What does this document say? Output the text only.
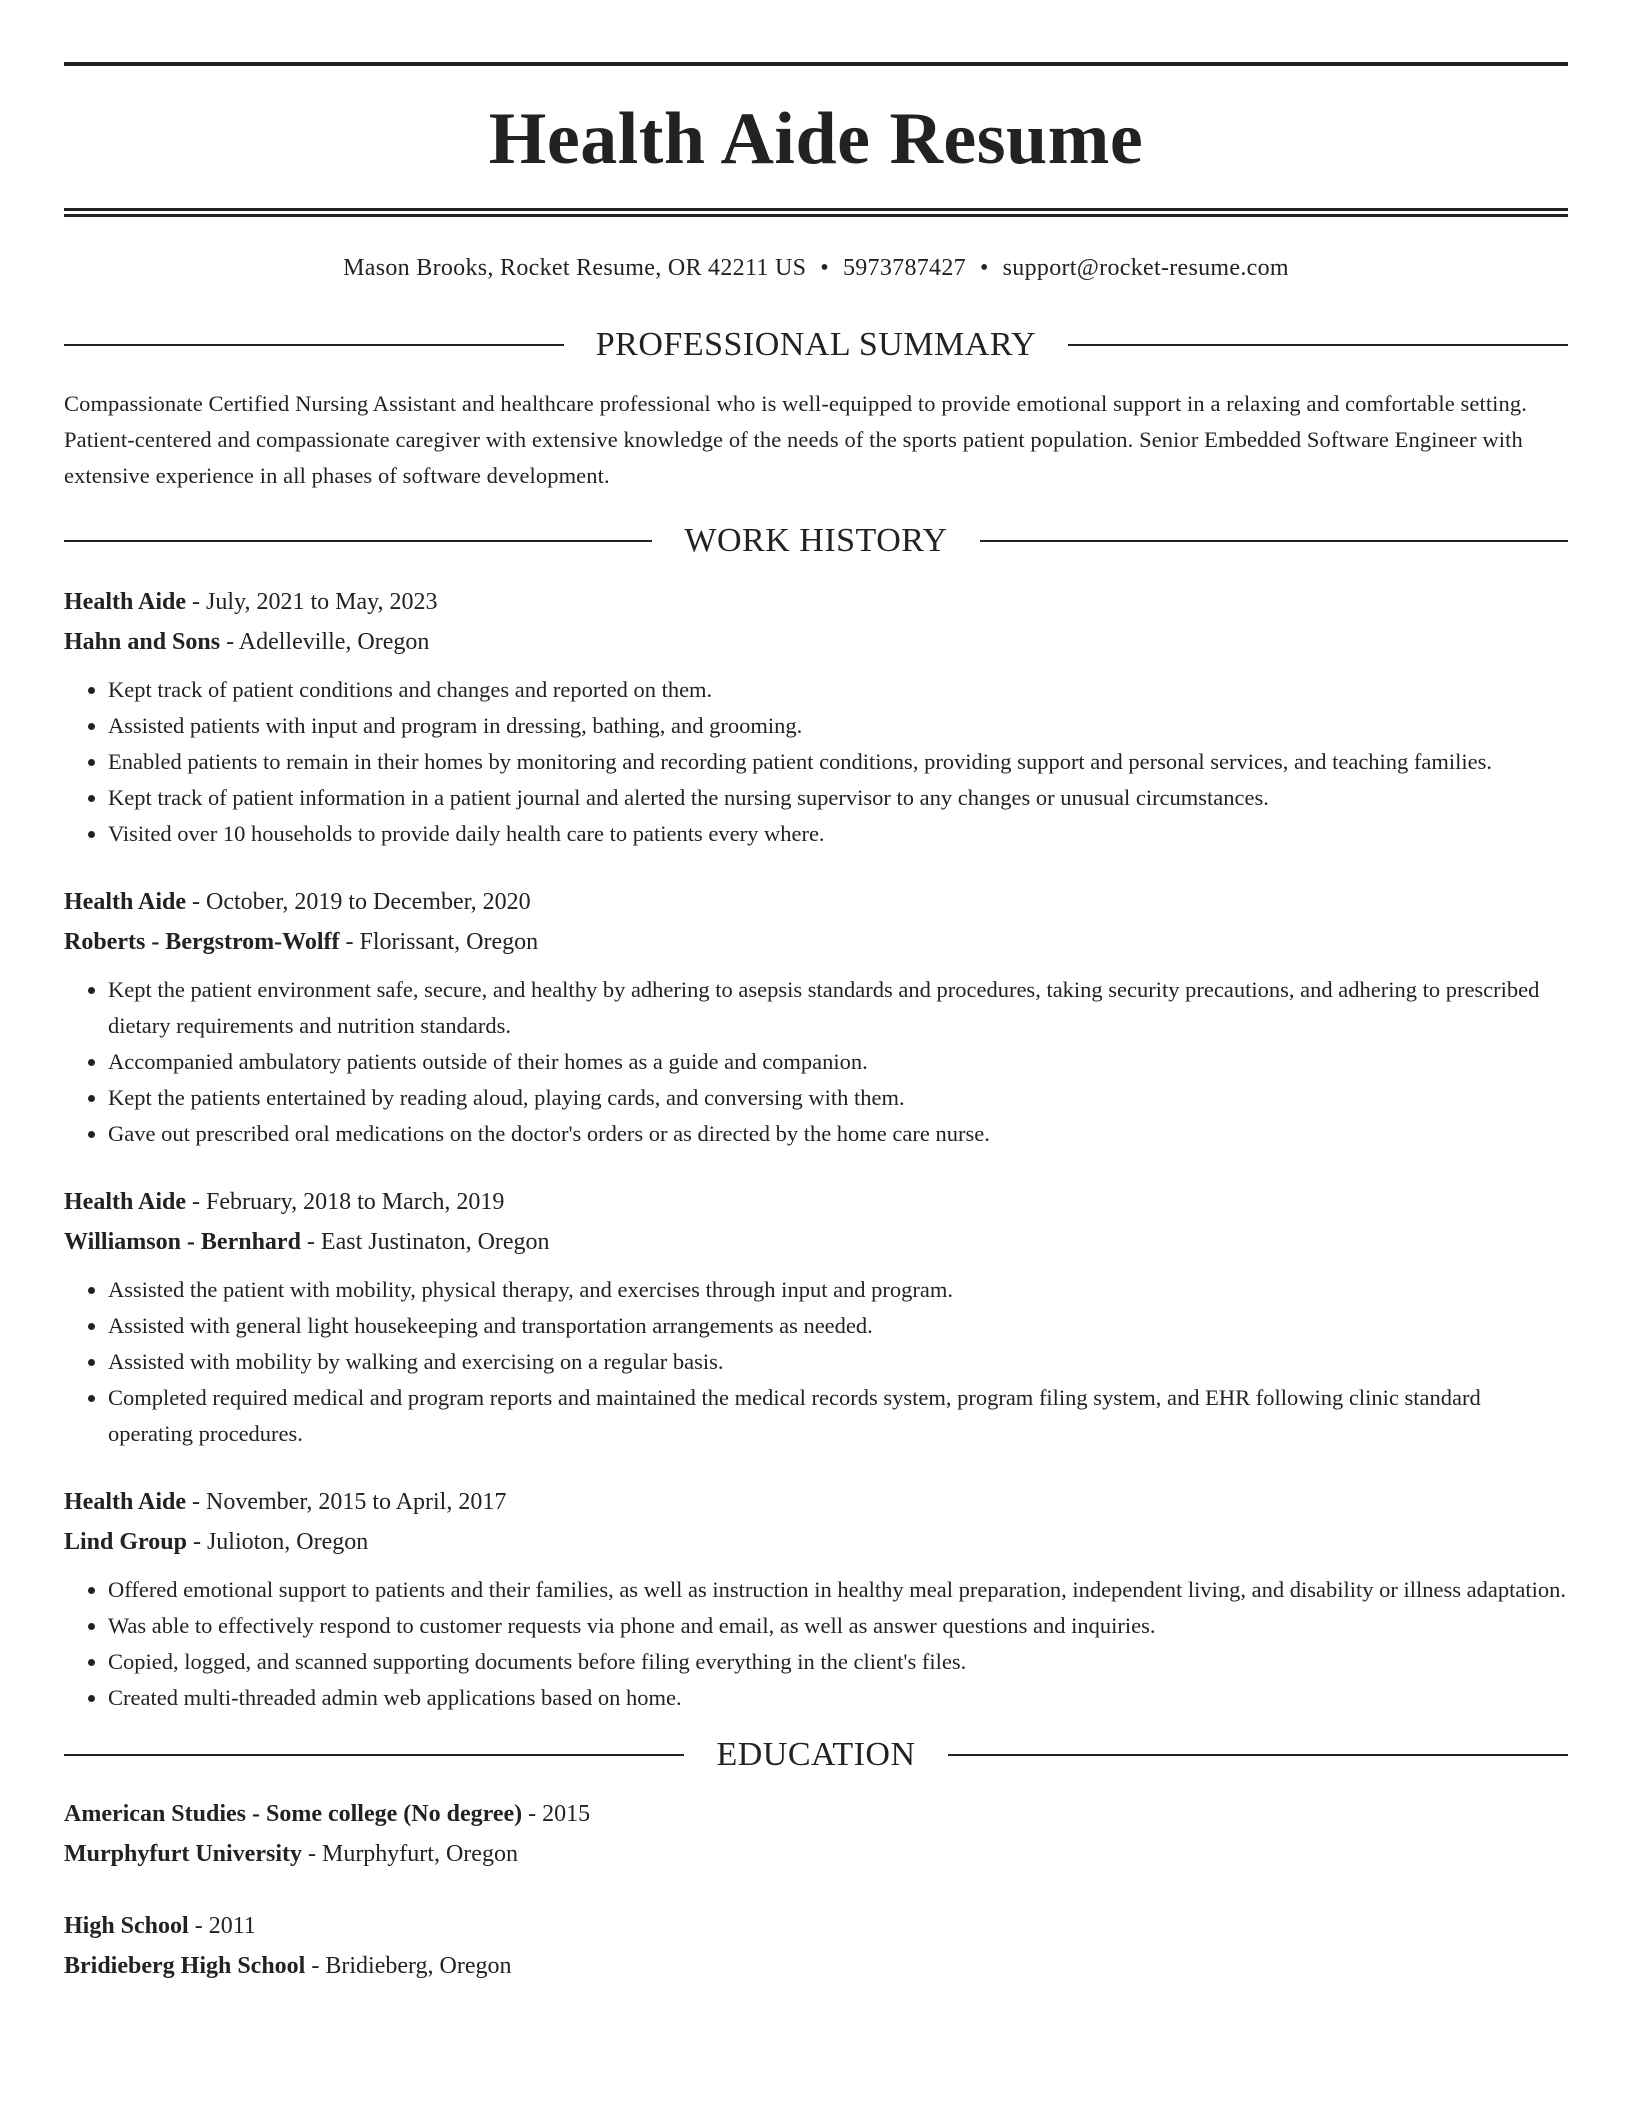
Health Aide Resume
Mason Brooks, Rocket Resume, OR 42211 US • 5973787427 • support@rocket-resume.com
PROFESSIONAL SUMMARY

Compassionate Certified Nursing Assistant and healthcare professional who is well-equipped to provide emotional support in a relaxing and comfortable setting. Patient-centered and compassionate caregiver with extensive knowledge of the needs of the sports patient population. Senior Embedded Software Engineer with extensive experience in all phases of software development.

WORK HISTORY
Health Aide - July, 2021 to May, 2023
Hahn and Sons - Adelleville, Oregon
• Kept track of patient conditions and changes and reported on them.
• Assisted patients with input and program in dressing, bathing, and grooming.
• Enabled patients to remain in their homes by monitoring and recording patient conditions, providing support and personal services, and teaching families.
• Kept track of patient information in a patient journal and alerted the nursing supervisor to any changes or unusual circumstances.
• Visited over 10 households to provide daily health care to patients every where.
Health Aide - October, 2019 to December, 2020
Roberts - Bergstrom-Wolff - Florissant, Oregon
• Kept the patient environment safe, secure, and healthy by adhering to asepsis standards and procedures, taking security precautions, and adhering to prescribed dietary requirements and nutrition standards.
• Accompanied ambulatory patients outside of their homes as a guide and companion.
• Kept the patients entertained by reading aloud, playing cards, and conversing with them.
• Gave out prescribed oral medications on the doctor's orders or as directed by the home care nurse.
Health Aide - February, 2018 to March, 2019
Williamson - Bernhard - East Justinaton, Oregon
• Assisted the patient with mobility, physical therapy, and exercises through input and program.
• Assisted with general light housekeeping and transportation arrangements as needed.
• Assisted with mobility by walking and exercising on a regular basis.
• Completed required medical and program reports and maintained the medical records system, program filing system, and EHR following clinic standard operating procedures.
Health Aide - November, 2015 to April, 2017
Lind Group - Julioton, Oregon
• Offered emotional support to patients and their families, as well as instruction in healthy meal preparation, independent living, and disability or illness adaptation.
• Was able to effectively respond to customer requests via phone and email, as well as answer questions and inquiries.
• Copied, logged, and scanned supporting documents before filing everything in the client's files.
• Created multi-threaded admin web applications based on home.
EDUCATION
American Studies - Some college (No degree) - 2015
Murphyfurt University - Murphyfurt, Oregon
High School - 2011
Bridieberg High School - Bridieberg, Oregon
